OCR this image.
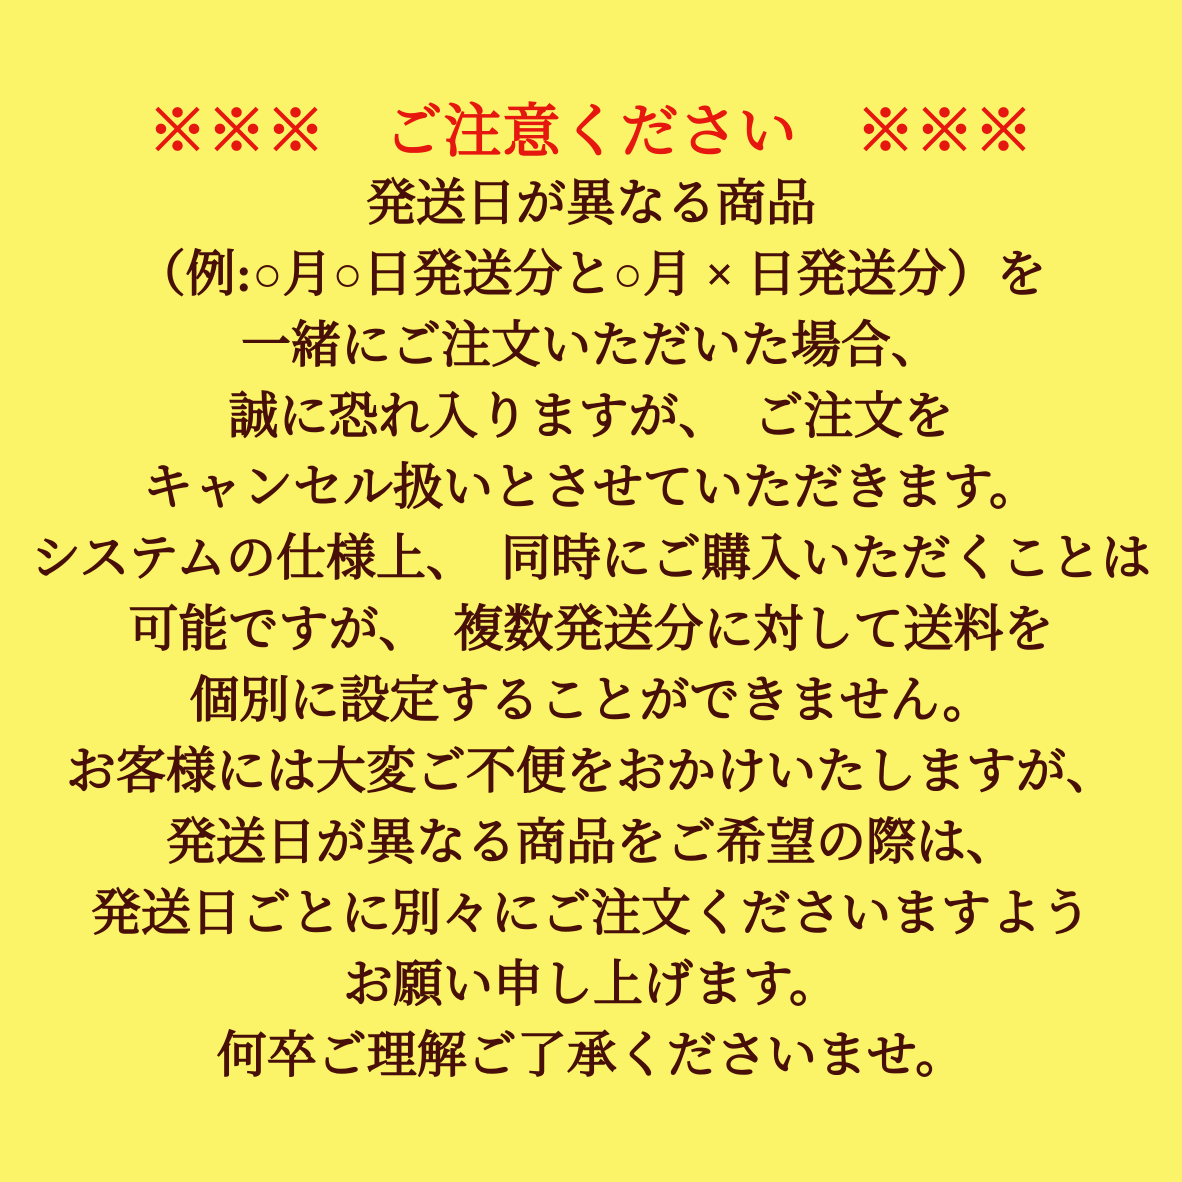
※※※　ご注意ください　※※※
発送日が異なる商品
（例:○月○日発送分と○月 × 日発送分）を
一緒にご注文いただいた場合、
誠に恐れ入りますが、　ご注文を
キャンセル扱いとさせていただきます。
システムの仕様上、　同時にご購入いただくことは
可能ですが、　複数発送分に対して送料を
個別に設定することができません。
お客様には大変ご不便をおかけいたしますが、
発送日が異なる商品をご希望の際は、
発送日ごとに別々にご注文くださいますよう
お願い申し上げます。
何卒ご理解ご了承くださいませ。
